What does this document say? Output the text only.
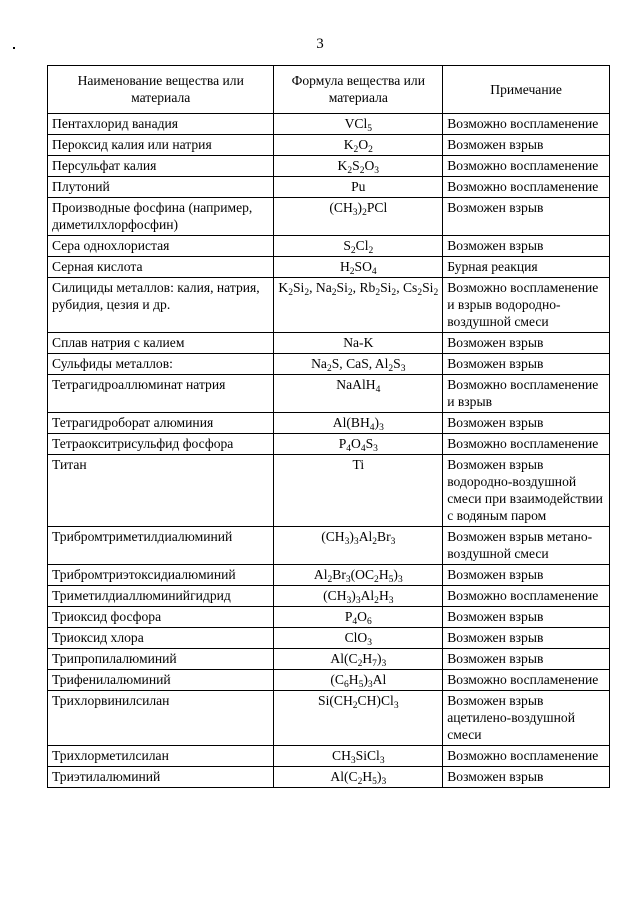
3
Наименование вещества или материала	Формула вещества или материала	Примечание
Пентахлорид ванадия	VCl$_5$	Возможно воспламенение
Пероксид калия или натрия	$K_2O_2$	Возможен взрыв
Персульфат калия	$K_2S_2O_3$	Возможно воспламенение
Плутоний	Pu	Возможно воспламенение
Производные фосфина (например, диметилхлорфосфин)	$(CH_3)_2PCl$	Возможен взрыв
Сера однохлористая	$S_2Cl_2$	Возможен взрыв
Серная кислота	$H_2SO_4$	Бурная реакция
Силициды металлов: калия, натрия, рубидия, цезия и др.	$K_2Si_2$, $Na_2Si_2$, $Rb_2Si_2$, $Cs_2Si_2$	Возможно воспламенение и взрыв водородно-воздушной смеси
Сплав натрия с калием	Na-K	Возможен взрыв
Сульфиды металлов:	$Na_2S$, CaS, $Al_2S_3$	Возможен взрыв
Тетрагидроаллюминат натрия	NaAlH$_4$	Возможно воспламенение и взрыв
Тетрагидроборат алюминия	$Al(BH_4)_3$	Возможен взрыв
Тетраокситрисульфид фосфора	$P_4O_4S_3$	Возможно воспламенение
Титан	Ti	Возможен взрыв водородно-воздушной смеси при взаимодействии с водяным паром
Трибромтриметилдиалюминий	$(CH_3)_3Al_2Br_3$	Возможен взрыв метано-воздушной смеси
Трибромтриэтоксидиалюминий	$Al_2Br_3(OC_2H_5)_3$	Возможен взрыв
Триметилдиаллюминийгидрид	$(CH_3)_3Al_2H_3$	Возможно воспламенение
Триоксид фосфора	$P_4O_6$	Возможен взрыв
Триоксид хлора	ClO$_3$	Возможен взрыв
Трипропилалюминий	$Al(C_2H_7)_3$	Возможен взрыв
Трифенилалюминий	$(C_6H_5)_3Al$	Возможно воспламенение
Трихлорвинилсилан	$Si(CH_2CH)Cl_3$	Возможен взрыв ацетилено-воздушной смеси
Трихлорметилсилан	$CH_3SiCl_3$	Возможно воспламенение
Триэтилалюминий	$Al(C_2H_5)_3$	Возможен взрыв
